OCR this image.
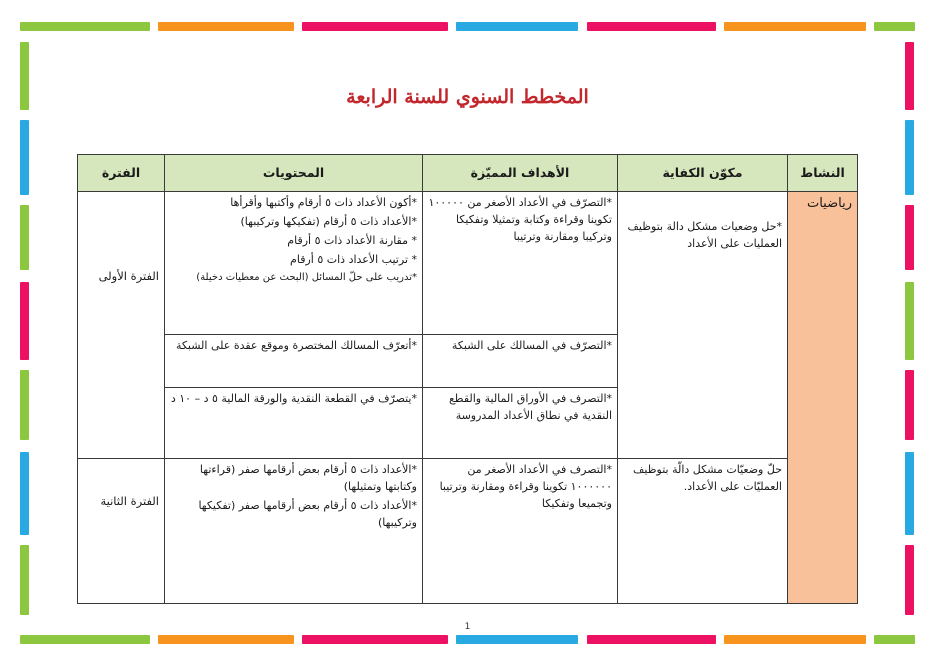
المخطط السنوي للسنة الرابعة
النشاط	مكوّن الكفاية	الأهداف المميّزة	المحتويات	الفترة
رياضيات	*حل وضعيات مشكل دالة بتوظيف العمليات على الأعداد	*التصرّف في الأعداد الأصغر من ١٠٠٠٠٠ تكوينا وقراءة وكتابة وتمثيلا وتفكيكا وتركيبا ومقارنة وترتيبا	*أكون الأعداد ذات ٥ أرقام وأكتبها وأقرأها
*الأعداد ذات ٥ أرقام (تفكيكها وتركيبها)
* مقارنة الأعداد ذات ٥ أرقام
* ترتيب الأعداد ذات ٥ أرقام
*تدريب على حلّ المسائل (البحث عن معطيات دخيلة)	الفترة الأولى
		*التصرّف في المسالك على الشبكة	*أتعرّف المسالك المختصرة وموقع عقدة على الشبكة	

		*التصرف في الأوراق المالية والقطع النقدية في نطاق الأعداد المدروسة	*يتصرّف في القطعة النقدية والورقة المالية ٥ د – ١٠ د	

	حلّ وضعيّات مشكل دالّة بتوظيف العمليّات على الأعداد.	*التصرف في الأعداد الأصغر من ١٠٠٠٠٠٠ تكوينا وقراءة ومقارنة وترتيبا وتجميعا وتفكيكا	*الأعداد ذات ٥ أرقام بعض أرقامها صفر (قراءتها وكتابتها وتمثيلها)
*الأعداد ذات ٥ أرقام بعض أرقامها صفر (تفكيكها وتركيبها)	الفترة الثانية
1
